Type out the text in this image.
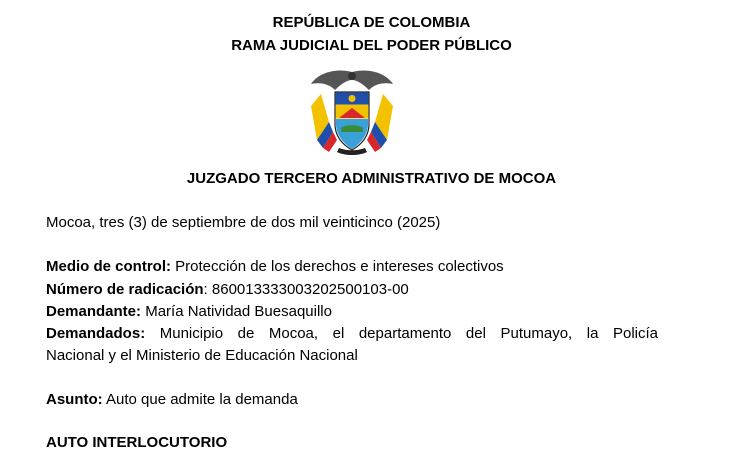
REPÚBLICA DE COLOMBIA
RAMA JUDICIAL DEL PODER PÚBLICO
JUZGADO TERCERO ADMINISTRATIVO DE MOCOA
Mocoa, tres (3) de septiembre de dos mil veinticinco (2025)
Medio de control: Protección de los derechos e intereses colectivos
Número de radicación: 860013333003202500103-00
Demandante: María Natividad Buesaquillo
Demandados: Municipio de Mocoa, el departamento del Putumayo, la Policía
Nacional y el Ministerio de Educación Nacional
Asunto: Auto que admite la demanda
AUTO INTERLOCUTORIO
